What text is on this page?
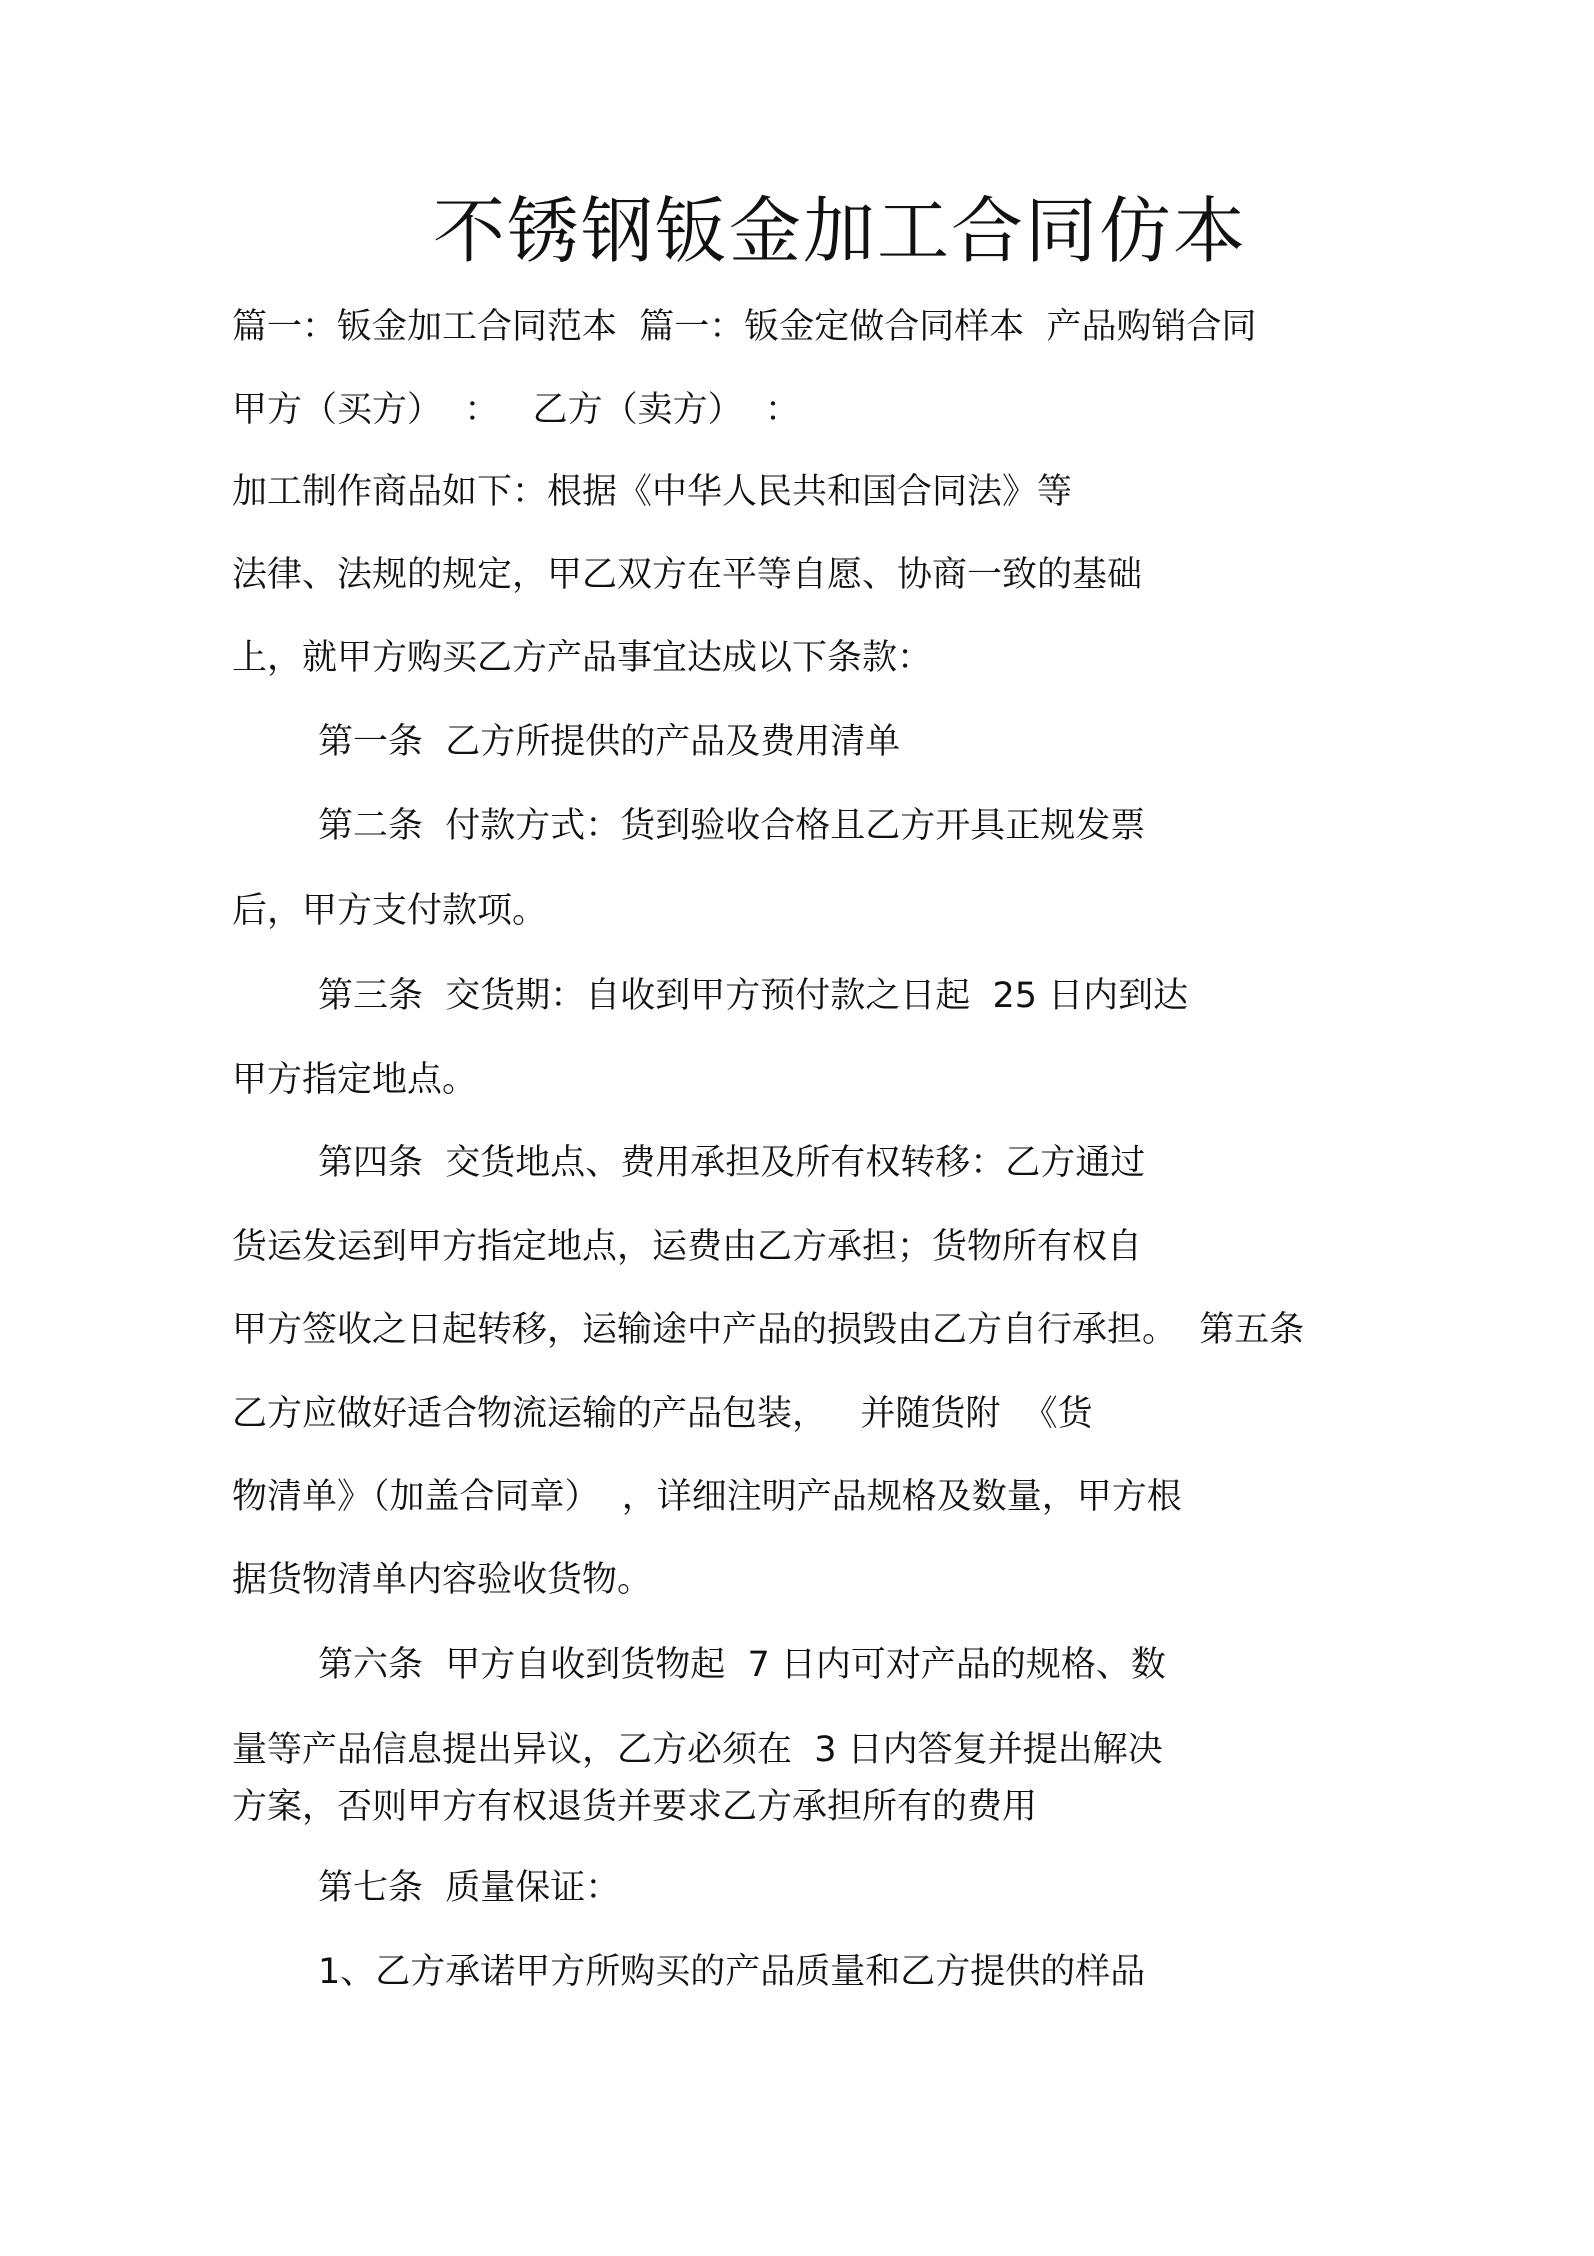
不锈钢钣金加工合同仿本
篇一：钣金加工合同范本  篇一：钣金定做合同样本  产品购销合同
甲方（买方）  ：   乙方（卖方）  ：
加工制作商品如下：根据《中华人民共和国合同法》等
法律、法规的规定，甲乙双方在平等自愿、协商一致的基础
上，就甲方购买乙方产品事宜达成以下条款：
第一条  乙方所提供的产品及费用清单
第二条  付款方式：货到验收合格且乙方开具正规发票
后，甲方支付款项。
第三条  交货期：自收到甲方预付款之日起  25 日内到达
甲方指定地点。
第四条  交货地点、费用承担及所有权转移：乙方通过
货运发运到甲方指定地点，运费由乙方承担；货物所有权自
甲方签收之日起转移，运输途中产品的损毁由乙方自行承担。  第五条
乙方应做好适合物流运输的产品包装，   并随货附  《货
物清单》（加盖合同章）  ，详细注明产品规格及数量，甲方根
据货物清单内容验收货物。
第六条  甲方自收到货物起  7 日内可对产品的规格、数
量等产品信息提出异议，乙方必须在  3 日内答复并提出解决
方案，否则甲方有权退货并要求乙方承担所有的费用
第七条  质量保证：
1、乙方承诺甲方所购买的产品质量和乙方提供的样品
